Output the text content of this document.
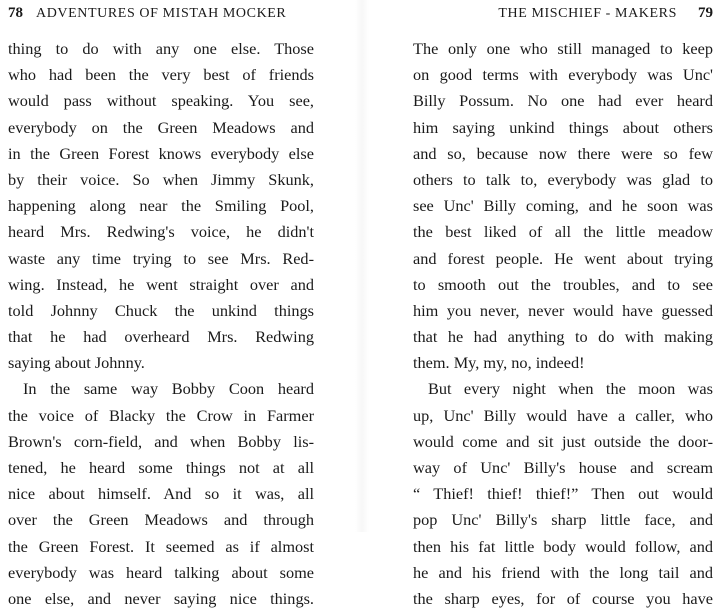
78 ADVENTURES OF MISTAH MOCKER
thing to do with any one else. Those
who had been the very best of friends
would pass without speaking. You see,
everybody on the Green Meadows and
in the Green Forest knows everybody else
by their voice. So when Jimmy Skunk,
happening along near the Smiling Pool,
heard Mrs. Redwing's voice, he didn't
waste any time trying to see Mrs. Red-
wing. Instead, he went straight over and
told Johnny Chuck the unkind things
that he had overheard Mrs. Redwing
saying about Johnny.
In the same way Bobby Coon heard
the voice of Blacky the Crow in Farmer
Brown's corn-field, and when Bobby lis-
tened, he heard some things not at all
nice about himself. And so it was, all
over the Green Meadows and through
the Green Forest. It seemed as if almost
everybody was heard talking about some
one else, and never saying nice things.
THE MISCHIEF - MAKERS 79
The only one who still managed to keep
on good terms with everybody was Unc'
Billy Possum. No one had ever heard
him saying unkind things about others
and so, because now there were so few
others to talk to, everybody was glad to
see Unc' Billy coming, and he soon was
the best liked of all the little meadow
and forest people. He went about trying
to smooth out the troubles, and to see
him you never, never would have guessed
that he had anything to do with making
them. My, my, no, indeed!
But every night when the moon was
up, Unc' Billy would have a caller, who
would come and sit just outside the door-
way of Unc' Billy's house and scream
“ Thief! thief! thief!” Then out would
pop Unc' Billy's sharp little face, and
then his fat little body would follow, and
he and his friend with the long tail and
the sharp eyes, for of course you have
